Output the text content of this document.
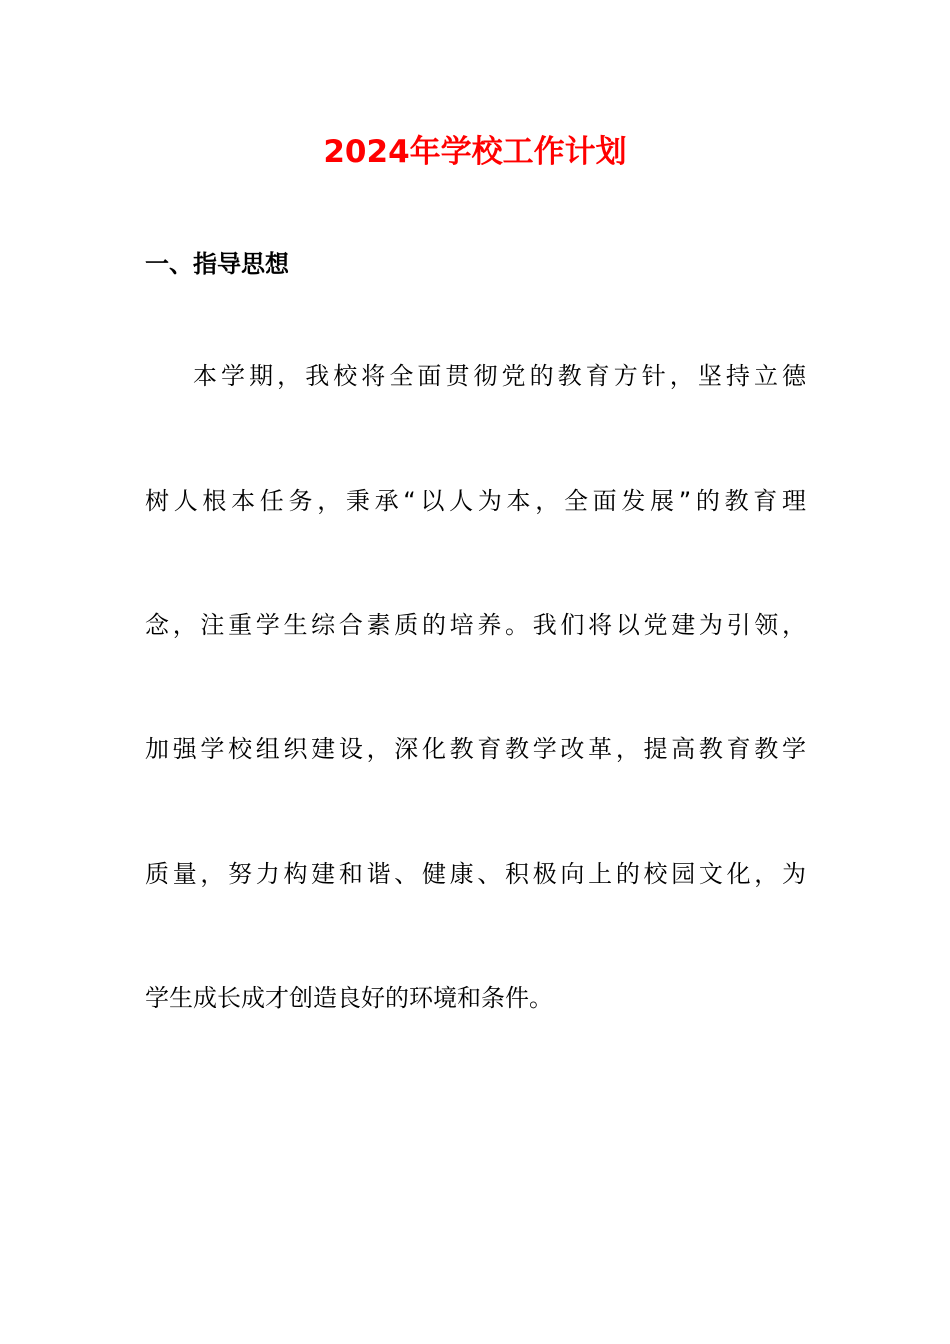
2024年学校工作计划
一、指导思想

本学期，我校将全面贯彻党的教育方针，坚持立德

树人根本任务，秉承“以人为本，全面发展”的教育理

念，注重学生综合素质的培养。我们将以党建为引领，

加强学校组织建设，深化教育教学改革，提高教育教学

质量，努力构建和谐、健康、积极向上的校园文化，为

学生成长成才创造良好的环境和条件。
